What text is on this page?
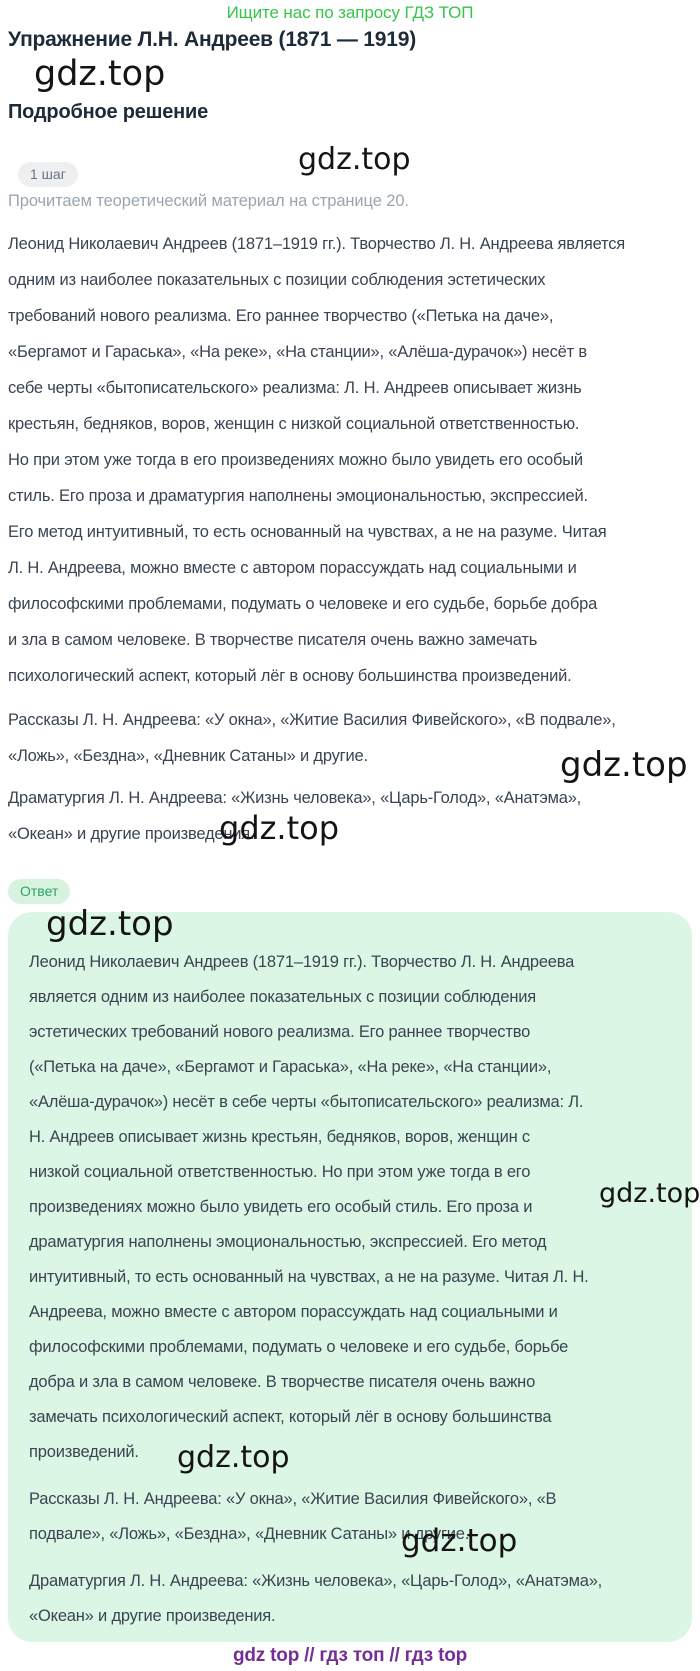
Ищите нас по запросу ГДЗ ТОП
Упражнение Л.Н. Андреев (1871 — 1919)
gdz.top
Подробное решение
gdz.top
1 шаг
Прочитаем теоретический материал на странице 20.
Леонид Николаевич Андреев (1871–1919 гг.). Творчество Л. Н. Андреева является
одним из наиболее показательных с позиции соблюдения эстетических
требований нового реализма. Его раннее творчество («Петька на даче»,
«Бергамот и Гараська», «На реке», «На станции», «Алёша-дурачок») несёт в
себе черты «бытописательского» реализма: Л. Н. Андреев описывает жизнь
крестьян, бедняков, воров, женщин с низкой социальной ответственностью.
Но при этом уже тогда в его произведениях можно было увидеть его особый
стиль. Его проза и драматургия наполнены эмоциональностью, экспрессией.
Его метод интуитивный, то есть основанный на чувствах, а не на разуме. Читая
Л. Н. Андреева, можно вместе с автором порассуждать над социальными и
философскими проблемами, подумать о человеке и его судьбе, борьбе добра
и зла в самом человеке. В творчестве писателя очень важно замечать
психологический аспект, который лёг в основу большинства произведений.
Рассказы Л. Н. Андреева: «У окна», «Житие Василия Фивейского», «В подвале»,
«Ложь», «Бездна», «Дневник Сатаны» и другие.	gdz.top
Драматургия Л. Н. Андреева: «Жизнь человека», «Царь-Голод», «Анатэма»,
«Океан» и другие произведения.
gdz.top
Ответ
Леонид Николаевич Андреев (1871–1919 гг.). Творчество Л. Н. Андреева
является одним из наиболее показательных с позиции соблюдения
эстетических требований нового реализма. Его раннее творчество
(«Петька на даче», «Бергамот и Гараська», «На реке», «На станции»,
«Алёша-дурачок») несёт в себе черты «бытописательского» реализма: Л.
Н. Андреев описывает жизнь крестьян, бедняков, воров, женщин с
низкой социальной ответственностью. Но при этом уже тогда в его
произведениях можно было увидеть его особый стиль. Его проза и
драматургия наполнены эмоциональностью, экспрессией. Его метод
интуитивный, то есть основанный на чувствах, а не на разуме. Читая Л. Н.
Андреева, можно вместе с автором порассуждать над социальными и
философскими проблемами, подумать о человеке и его судьбе, борьбе
добра и зла в самом человеке. В творчестве писателя очень важно
замечать психологический аспект, который лёг в основу большинства
произведений.
Рассказы Л. Н. Андреева: «У окна», «Житие Василия Фивейского», «В
подвале», «Ложь», «Бездна», «Дневник Сатаны» и другие.
Драматургия Л. Н. Андреева: «Жизнь человека», «Царь-Голод», «Анатэма»,
«Океан» и другие произведения.
gdz.top
gdz.top
gdz.top
gdz.top
gdz top // гдз топ // гдз top
